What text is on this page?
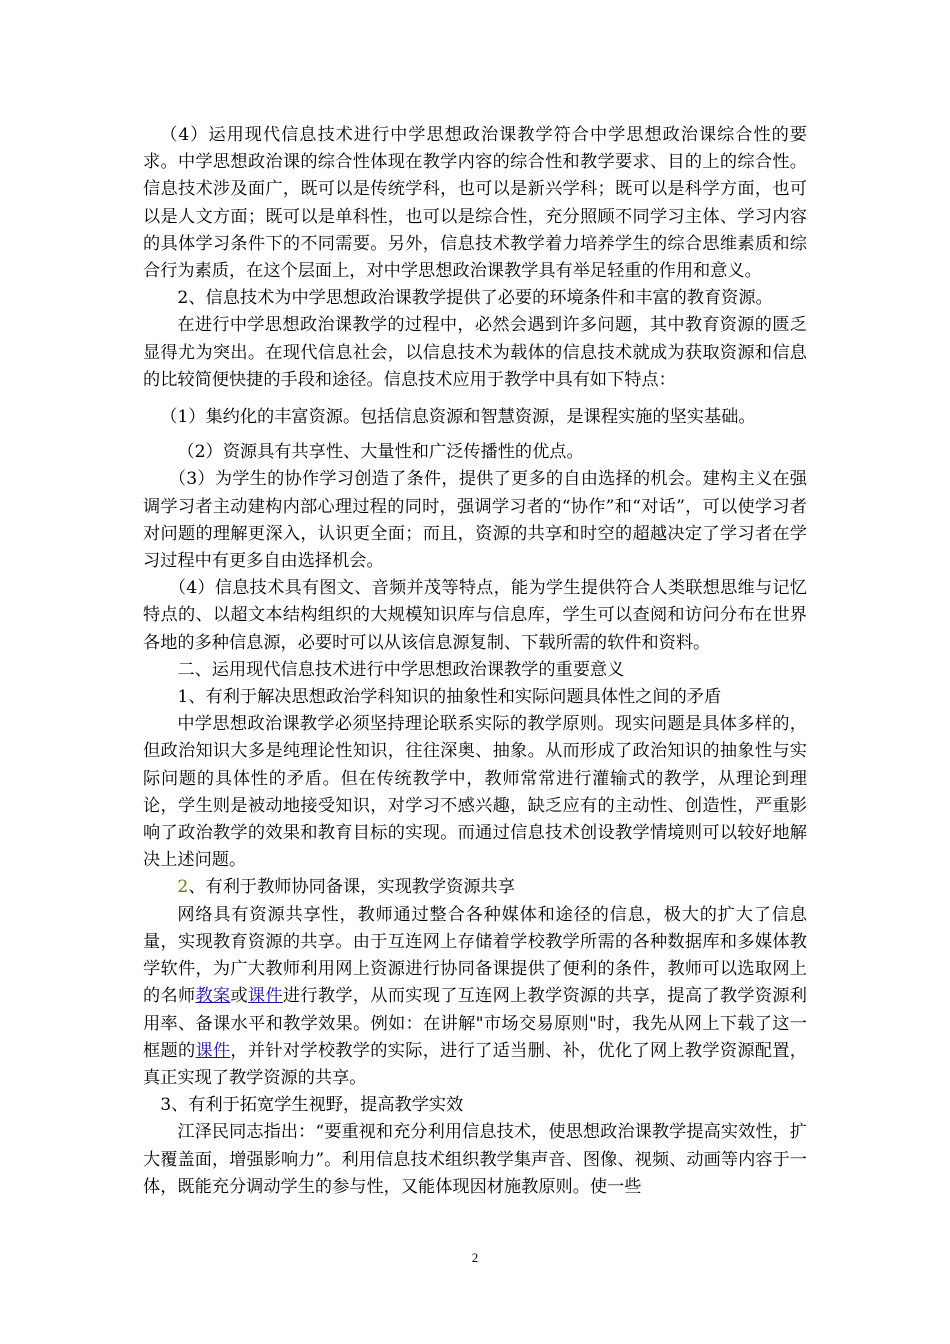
（4）运用现代信息技术进行中学思想政治课教学符合中学思想政治课综合性的要求。中学思想政治课的综合性体现在教学内容的综合性和教学要求、目的上的综合性。信息技术涉及面广，既可以是传统学科，也可以是新兴学科；既可以是科学方面，也可以是人文方面；既可以是单科性，也可以是综合性，充分照顾不同学习主体、学习内容的具体学习条件下的不同需要。另外，信息技术教学着力培养学生的综合思维素质和综合行为素质，在这个层面上，对中学思想政治课教学具有举足轻重的作用和意义。

2、信息技术为中学思想政治课教学提供了必要的环境条件和丰富的教育资源。

在进行中学思想政治课教学的过程中，必然会遇到许多问题，其中教育资源的匮乏显得尤为突出。在现代信息社会，以信息技术为载体的信息技术就成为获取资源和信息的比较简便快捷的手段和途径。信息技术应用于教学中具有如下特点：

（1）集约化的丰富资源。包括信息资源和智慧资源，是课程实施的坚实基础。

（2）资源具有共享性、大量性和广泛传播性的优点。

（3）为学生的协作学习创造了条件，提供了更多的自由选择的机会。建构主义在强调学习者主动建构内部心理过程的同时，强调学习者的“协作”和“对话”，可以使学习者对问题的理解更深入，认识更全面；而且，资源的共享和时空的超越决定了学习者在学习过程中有更多自由选择机会。

（4）信息技术具有图文、音频并茂等特点，能为学生提供符合人类联想思维与记忆特点的、以超文本结构组织的大规模知识库与信息库，学生可以查阅和访问分布在世界各地的多种信息源，必要时可以从该信息源复制、下载所需的软件和资料。

二、运用现代信息技术进行中学思想政治课教学的重要意义

1、有利于解决思想政治学科知识的抽象性和实际问题具体性之间的矛盾

中学思想政治课教学必须坚持理论联系实际的教学原则。现实问题是具体多样的，但政治知识大多是纯理论性知识，往往深奥、抽象。从而形成了政治知识的抽象性与实际问题的具体性的矛盾。但在传统教学中，教师常常进行灌输式的教学，从理论到理论，学生则是被动地接受知识，对学习不感兴趣，缺乏应有的主动性、创造性，严重影响了政治教学的效果和教育目标的实现。而通过信息技术创设教学情境则可以较好地解决上述问题。

2、有利于教师协同备课，实现教学资源共享

网络具有资源共享性，教师通过整合各种媒体和途径的信息，极大的扩大了信息量，实现教育资源的共享。由于互连网上存储着学校教学所需的各种数据库和多媒体教学软件，为广大教师利用网上资源进行协同备课提供了便利的条件，教师可以选取网上的名师教案或课件进行教学，从而实现了互连网上教学资源的共享，提高了教学资源利用率、备课水平和教学效果。例如：在讲解"市场交易原则"时，我先从网上下载了这一框题的课件，并针对学校教学的实际，进行了适当删、补，优化了网上教学资源配置，真正实现了教学资源的共享。

3、有利于拓宽学生视野，提高教学实效

江泽民同志指出：“要重视和充分利用信息技术，使思想政治课教学提高实效性，扩大覆盖面，增强影响力”。利用信息技术组织教学集声音、图像、视频、动画等内容于一体，既能充分调动学生的参与性，又能体现因材施教原则。使一些

2
